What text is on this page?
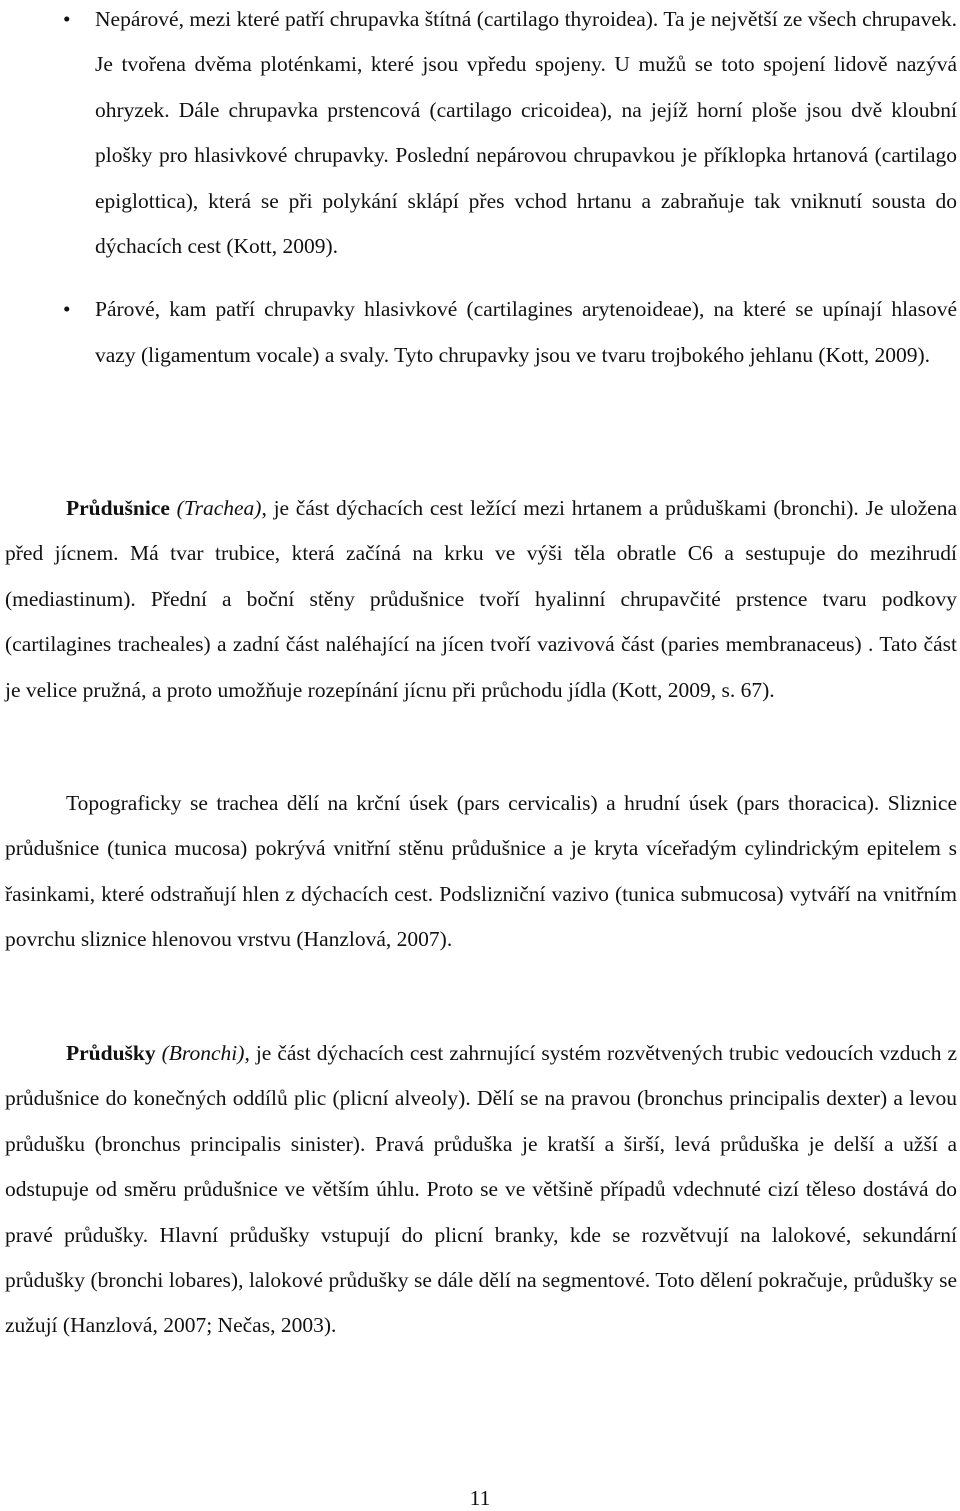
• Nepárové, mezi které patří chrupavka štítná (cartilago thyroidea). Ta je největší ze všech chrupavek. Je tvořena dvěma ploténkami, které jsou vpředu spojeny. U mužů se toto spojení lidově nazývá ohryzek. Dále chrupavka prstencová (cartilago cricoidea), na jejíž horní ploše jsou dvě kloubní plošky pro hlasivkové chrupavky. Poslední nepárovou chrupavkou je příklopka hrtanová (cartilago epiglottica), která se při polykání sklápí přes vchod hrtanu a zabraňuje tak vniknutí sousta do dýchacích cest (Kott, 2009).
• Párové, kam patří chrupavky hlasivkové (cartilagines arytenoideae), na které se upínají hlasové vazy (ligamentum vocale) a svaly. Tyto chrupavky jsou ve tvaru trojbokého jehlanu (Kott, 2009).

Průdušnice (Trachea), je část dýchacích cest ležící mezi hrtanem a průduškami (bronchi). Je uložena před jícnem. Má tvar trubice, která začíná na krku ve výši těla obratle C6 a sestupuje do mezihrudí (mediastinum). Přední a boční stěny průdušnice tvoří hyalinní chrupavčité prstence tvaru podkovy (cartilagines tracheales) a zadní část naléhající na jícen tvoří vazivová část (paries membranaceus) . Tato část je velice pružná, a proto umožňuje rozepínání jícnu při průchodu jídla (Kott, 2009, s. 67).

Topograficky se trachea dělí na krční úsek (pars cervicalis) a hrudní úsek (pars thoracica). Sliznice průdušnice (tunica mucosa) pokrývá vnitřní stěnu průdušnice a je kryta víceřadým cylindrickým epitelem s řasinkami, které odstraňují hlen z dýchacích cest. Podslizniční vazivo (tunica submucosa) vytváří na vnitřním povrchu sliznice hlenovou vrstvu (Hanzlová, 2007).

Průdušky (Bronchi), je část dýchacích cest zahrnující systém rozvětvených trubic vedoucích vzduch z průdušnice do konečných oddílů plic (plicní alveoly). Dělí se na pravou (bronchus principalis dexter) a levou průdušku (bronchus principalis sinister). Pravá průduška je kratší a širší, levá průduška je delší a užší a odstupuje od směru průdušnice ve větším úhlu. Proto se ve většině případů vdechnuté cizí těleso dostává do pravé průdušky. Hlavní průdušky vstupují do plicní branky, kde se rozvětvují na lalokové, sekundární průdušky (bronchi lobares), lalokové průdušky se dále dělí na segmentové. Toto dělení pokračuje, průdušky se zužují (Hanzlová, 2007; Nečas, 2003).

11
